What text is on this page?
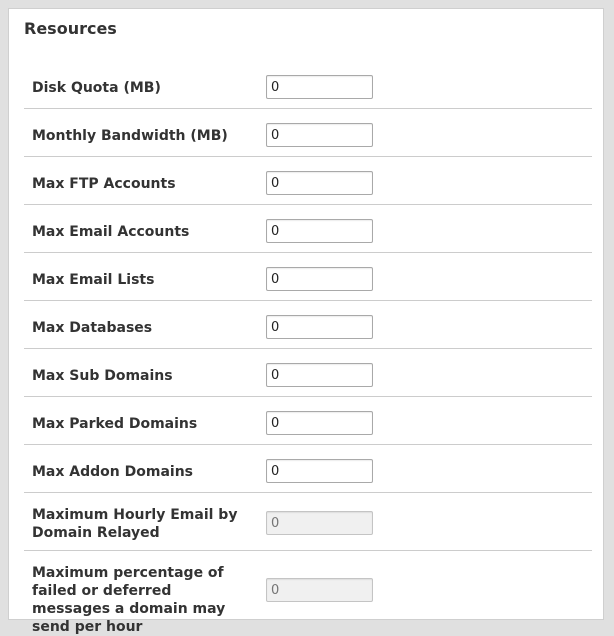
Resources
Disk Quota (MB)
0
Monthly Bandwidth (MB)
0
Max FTP Accounts
0
Max Email Accounts
0
Max Email Lists
0
Max Databases
0
Max Sub Domains
0
Max Parked Domains
0
Max Addon Domains
0
Maximum Hourly Email by Domain Relayed
0
Maximum percentage of failed or deferred messages a domain may send per hour
0
